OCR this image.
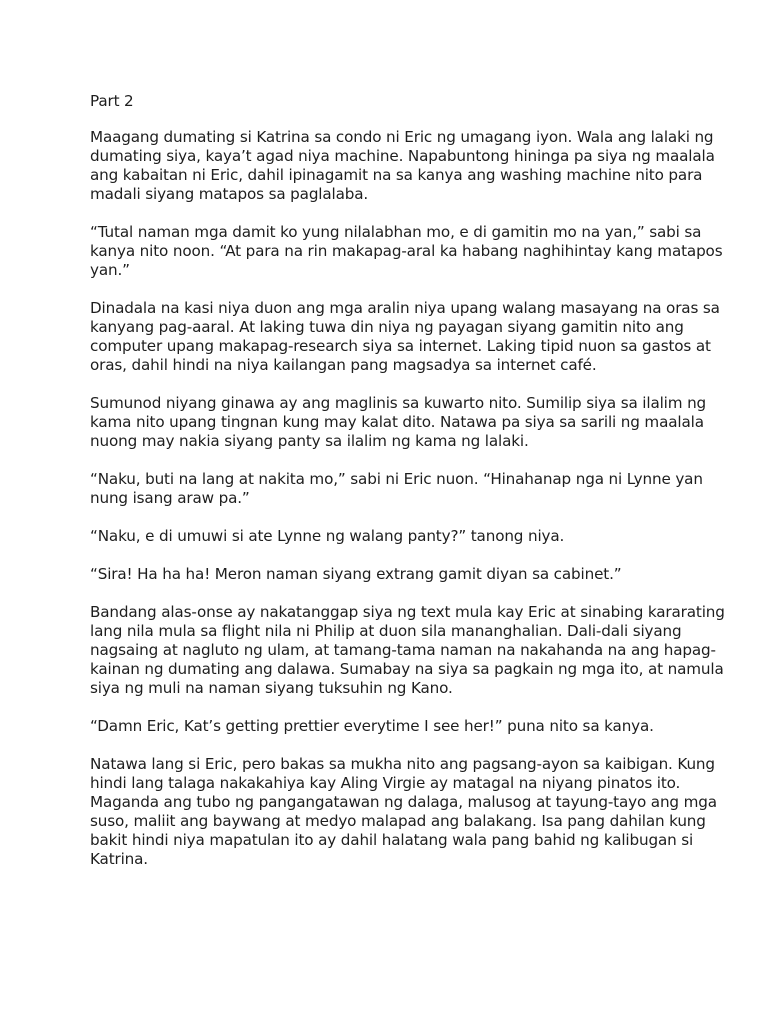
Part 2

Maagang dumating si Katrina sa condo ni Eric ng umagang iyon. Wala ang lalaki ng dumating siya, kaya’t agad niya machine. Napabuntong hininga pa siya ng maalala ang kabaitan ni Eric, dahil ipinagamit na sa kanya ang washing machine nito para madali siyang matapos sa paglalaba.

“Tutal naman mga damit ko yung nilalabhan mo, e di gamitin mo na yan,” sabi sa kanya nito noon. “At para na rin makapag-aral ka habang naghihintay kang matapos yan.”

Dinadala na kasi niya duon ang mga aralin niya upang walang masayang na oras sa kanyang pag-aaral. At laking tuwa din niya ng payagan siyang gamitin nito ang computer upang makapag-research siya sa internet. Laking tipid nuon sa gastos at oras, dahil hindi na niya kailangan pang magsadya sa internet café.

Sumunod niyang ginawa ay ang maglinis sa kuwarto nito. Sumilip siya sa ilalim ng kama nito upang tingnan kung may kalat dito. Natawa pa siya sa sarili ng maalala nuong may nakia siyang panty sa ilalim ng kama ng lalaki.

“Naku, buti na lang at nakita mo,” sabi ni Eric nuon. “Hinahanap nga ni Lynne yan nung isang araw pa.”

“Naku, e di umuwi si ate Lynne ng walang panty?” tanong niya.

“Sira! Ha ha ha! Meron naman siyang extrang gamit diyan sa cabinet.”

Bandang alas-onse ay nakatanggap siya ng text mula kay Eric at sinabing kararating lang nila mula sa flight nila ni Philip at duon sila mananghalian. Dali-dali siyang nagsaing at nagluto ng ulam, at tamang-tama naman na nakahanda na ang hapag-kainan ng dumating ang dalawa. Sumabay na siya sa pagkain ng mga ito, at namula siya ng muli na naman siyang tuksuhin ng Kano.

“Damn Eric, Kat’s getting prettier everytime I see her!” puna nito sa kanya.

Natawa lang si Eric, pero bakas sa mukha nito ang pagsang-ayon sa kaibigan. Kung hindi lang talaga nakakahiya kay Aling Virgie ay matagal na niyang pinatos ito. Maganda ang tubo ng pangangatawan ng dalaga, malusog at tayung-tayo ang mga suso, maliit ang baywang at medyo malapad ang balakang. Isa pang dahilan kung bakit hindi niya mapatulan ito ay dahil halatang wala pang bahid ng kalibugan si Katrina.
